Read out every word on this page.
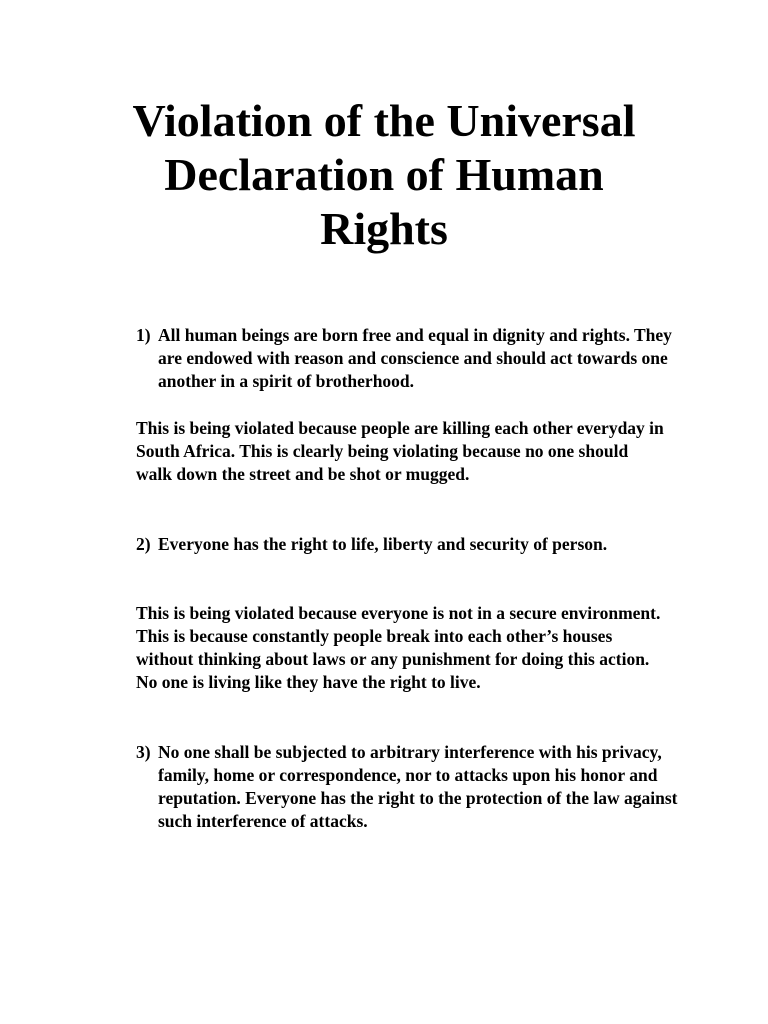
Violation of the Universal Declaration of Human Rights

1) All human beings are born free and equal in dignity and rights. They are endowed with reason and conscience and should act towards one another in a spirit of brotherhood.

This is being violated because people are killing each other everyday in South Africa. This is clearly being violating because no one should walk down the street and be shot or mugged.

2) Everyone has the right to life, liberty and security of person.

This is being violated because everyone is not in a secure environment. This is because constantly people break into each other’s houses without thinking about laws or any punishment for doing this action. No one is living like they have the right to live.

3) No one shall be subjected to arbitrary interference with his privacy, family, home or correspondence, nor to attacks upon his honor and reputation. Everyone has the right to the protection of the law against such interference of attacks.
